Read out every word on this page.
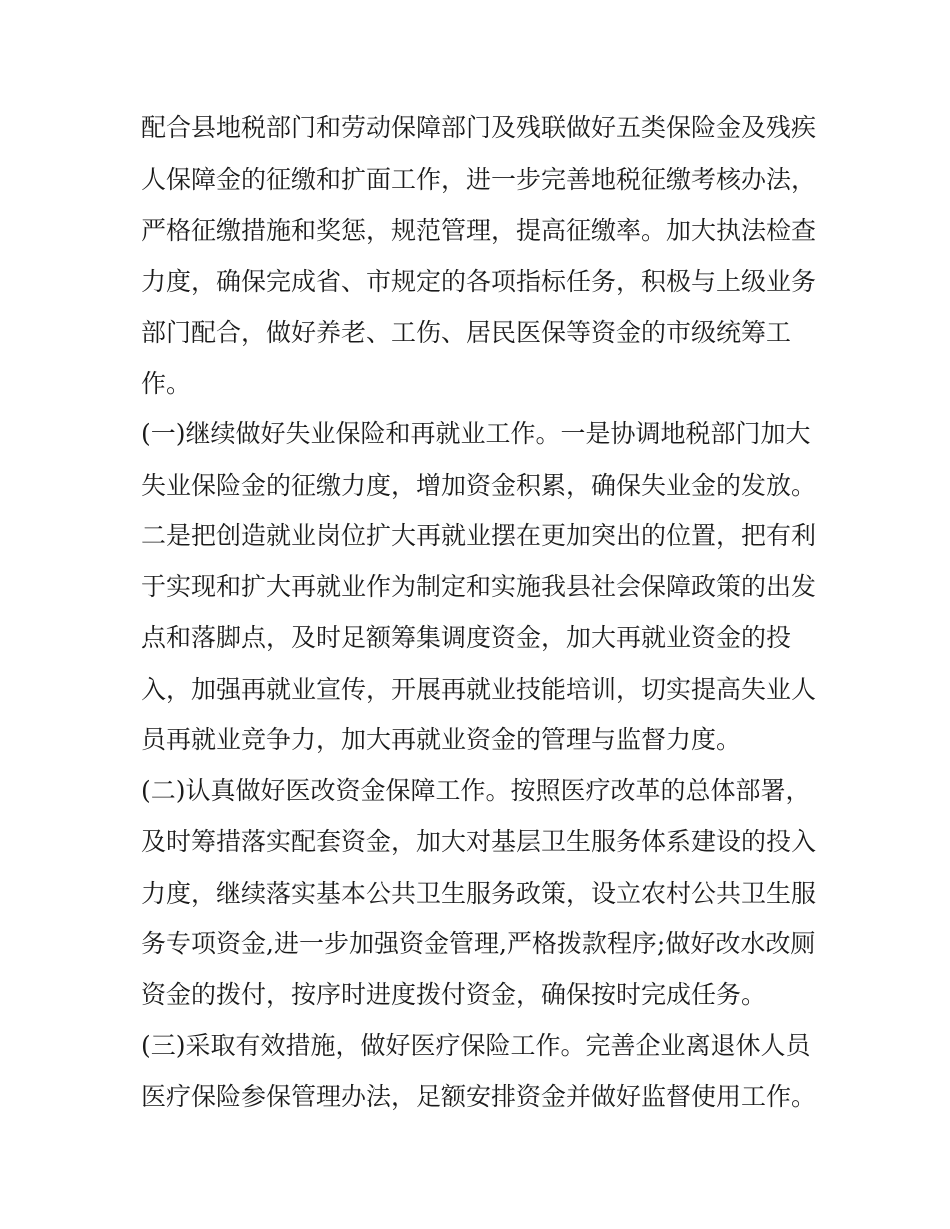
配合县地税部门和劳动保障部门及残联做好五类保险金及残疾
人保障金的征缴和扩面工作，进一步完善地税征缴考核办法，
严格征缴措施和奖惩，规范管理，提高征缴率。加大执法检查
力度，确保完成省、市规定的各项指标任务，积极与上级业务
部门配合，做好养老、工伤、居民医保等资金的市级统筹工
作。
(一)继续做好失业保险和再就业工作。一是协调地税部门加大
失业保险金的征缴力度，增加资金积累，确保失业金的发放。
二是把创造就业岗位扩大再就业摆在更加突出的位置，把有利
于实现和扩大再就业作为制定和实施我县社会保障政策的出发
点和落脚点，及时足额筹集调度资金，加大再就业资金的投
入，加强再就业宣传，开展再就业技能培训，切实提高失业人
员再就业竞争力，加大再就业资金的管理与监督力度。
(二)认真做好医改资金保障工作。按照医疗改革的总体部署，
及时筹措落实配套资金，加大对基层卫生服务体系建设的投入
力度，继续落实基本公共卫生服务政策，设立农村公共卫生服
务专项资金,进一步加强资金管理,严格拨款程序;做好改水改厕
资金的拨付，按序时进度拨付资金，确保按时完成任务。
(三)采取有效措施，做好医疗保险工作。完善企业离退休人员
医疗保险参保管理办法，足额安排资金并做好监督使用工作。
